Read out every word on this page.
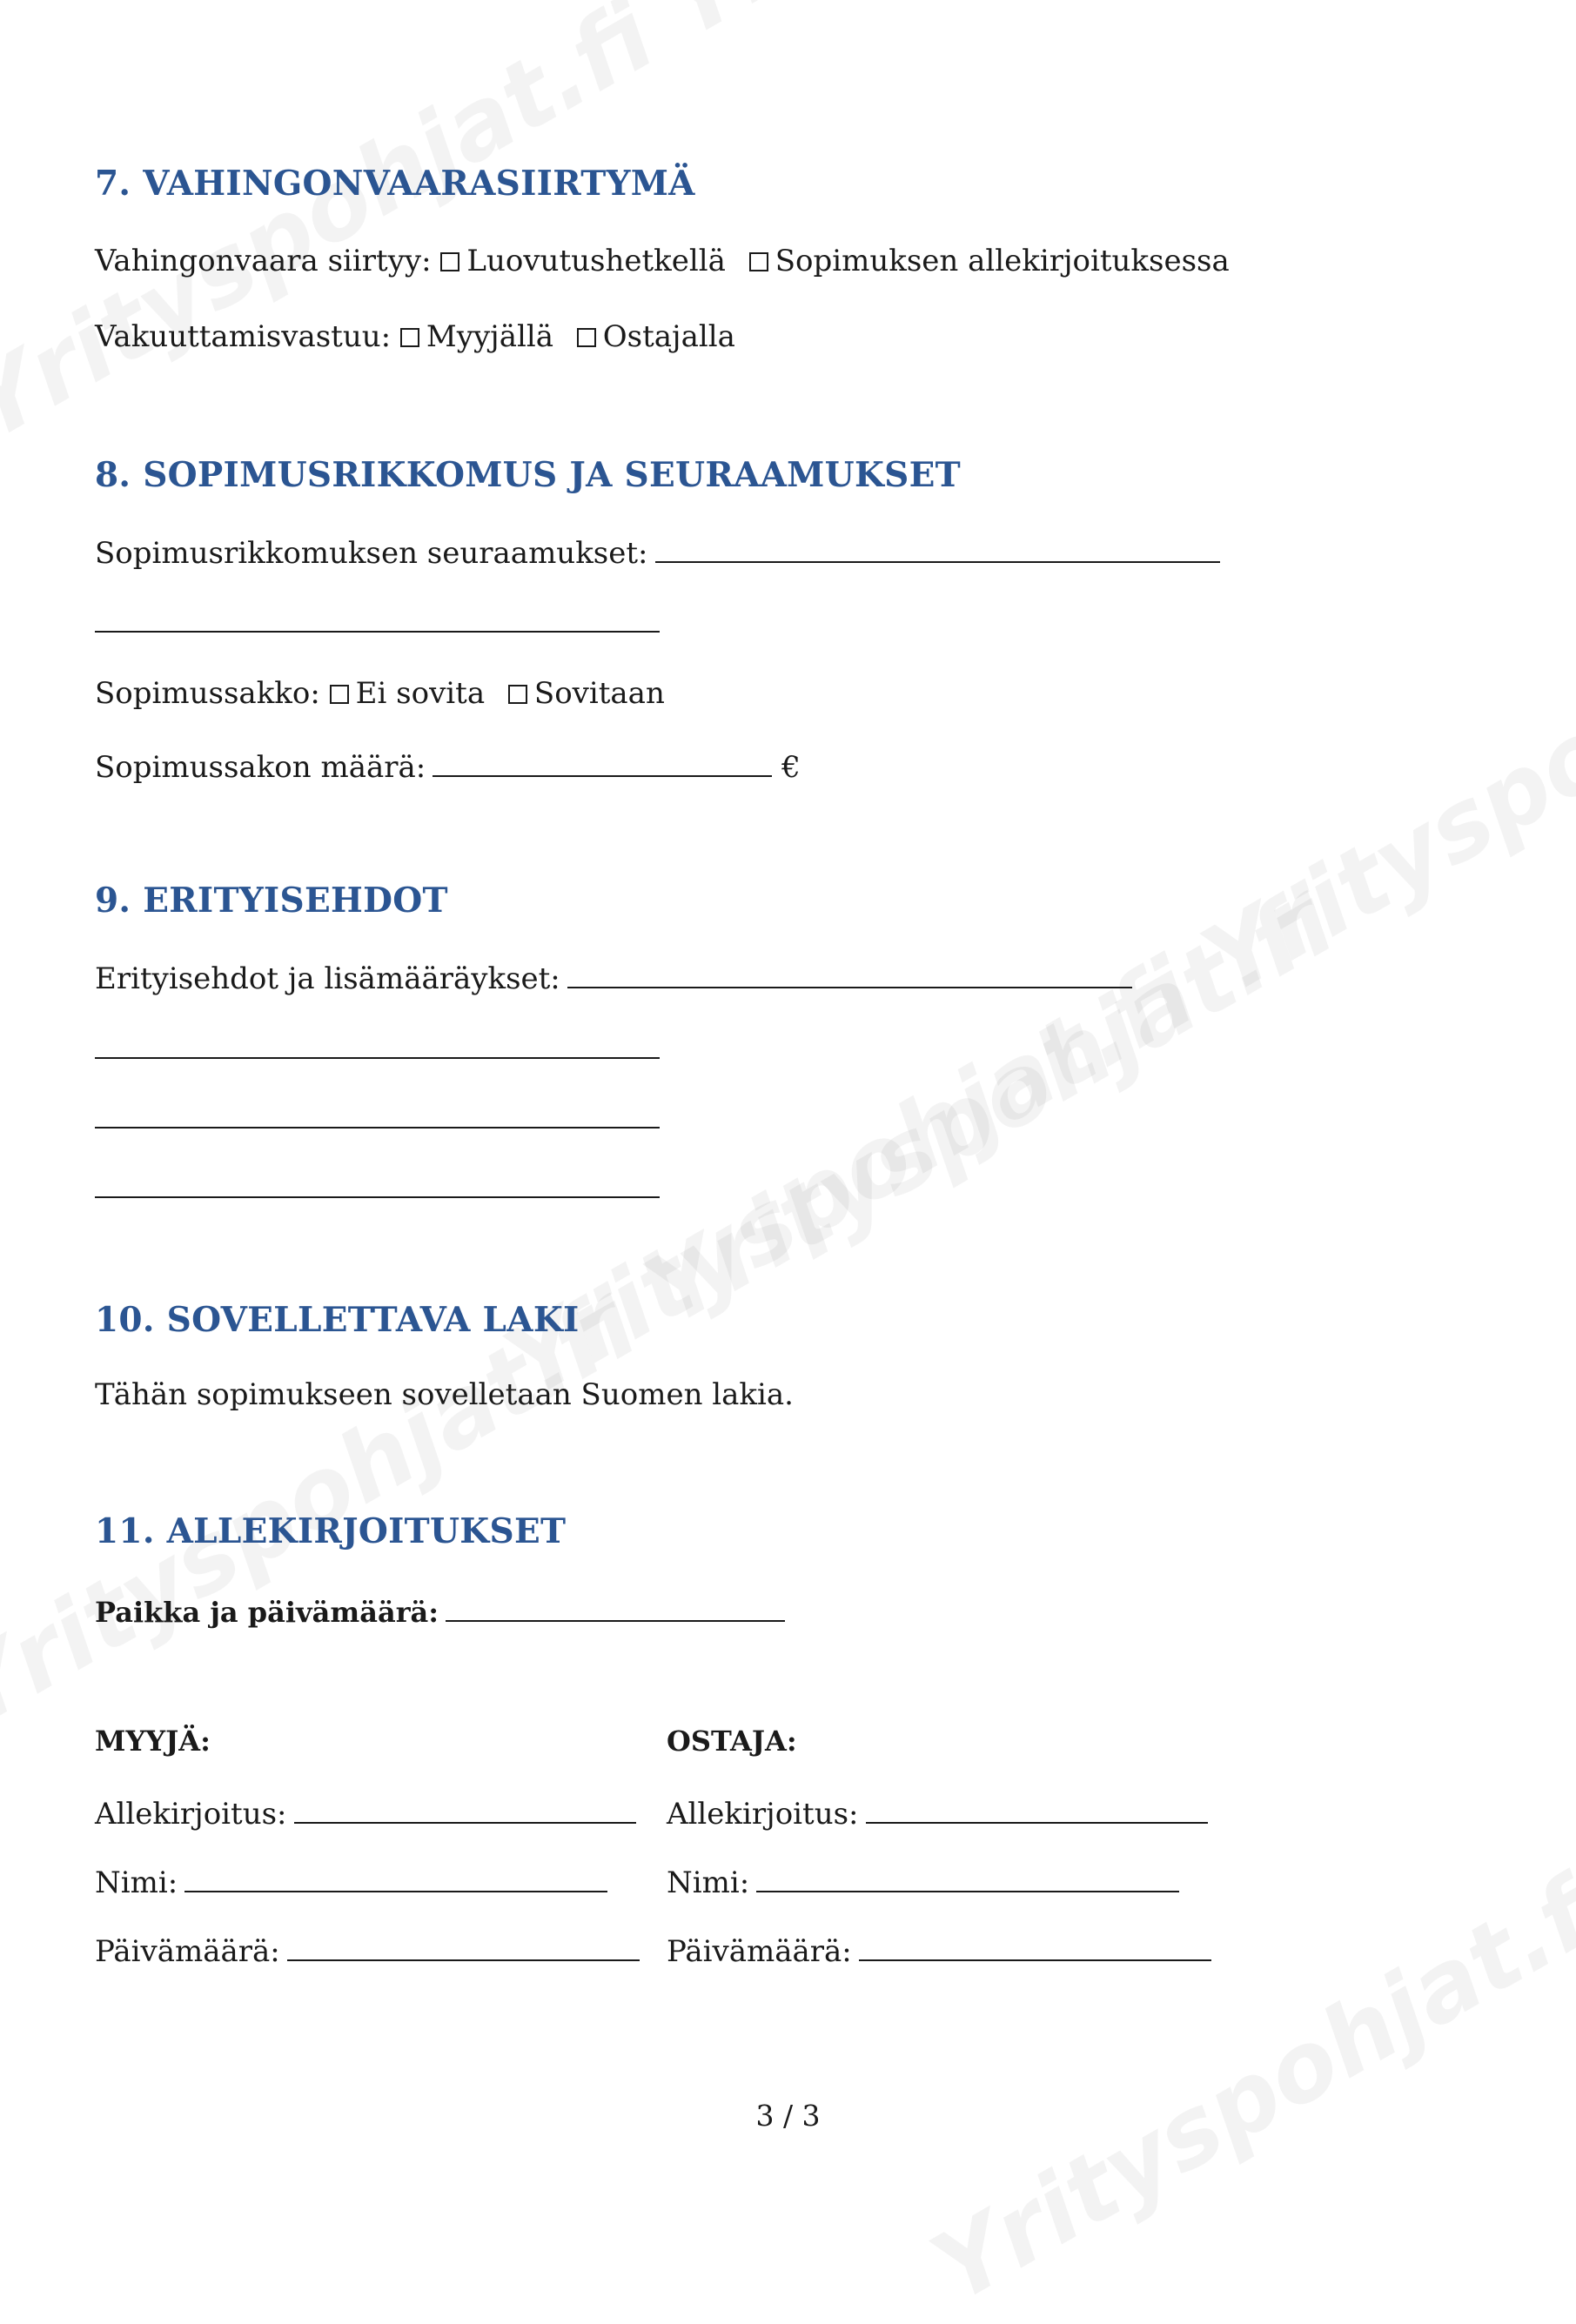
7. VAHINGONVAARASIIRTYMÄ
Vahingonvaara siirtyy: Luovutushetkellä Sopimuksen allekirjoituksessa
Vakuuttamisvastuu: Myyjällä Ostajalla
8. SOPIMUSRIKKOMUS JA SEURAAMUKSET
Sopimusrikkomuksen seuraamukset:
Sopimussakko: Ei sovita Sovitaan
Sopimussakon määrä:	€
9. ERITYISEHDOT
Erityisehdot ja lisämääräykset:
10. SOVELLETTAVA LAKI
Tähän sopimukseen sovelletaan Suomen lakia.
11. ALLEKIRJOITUKSET
Paikka ja päivämäärä:
MYYJÄ:	OSTAJA:
Allekirjoitus:	Allekirjoitus:
Nimi:	Nimi:
Päivämäärä:	Päivämäärä:
3 / 3
